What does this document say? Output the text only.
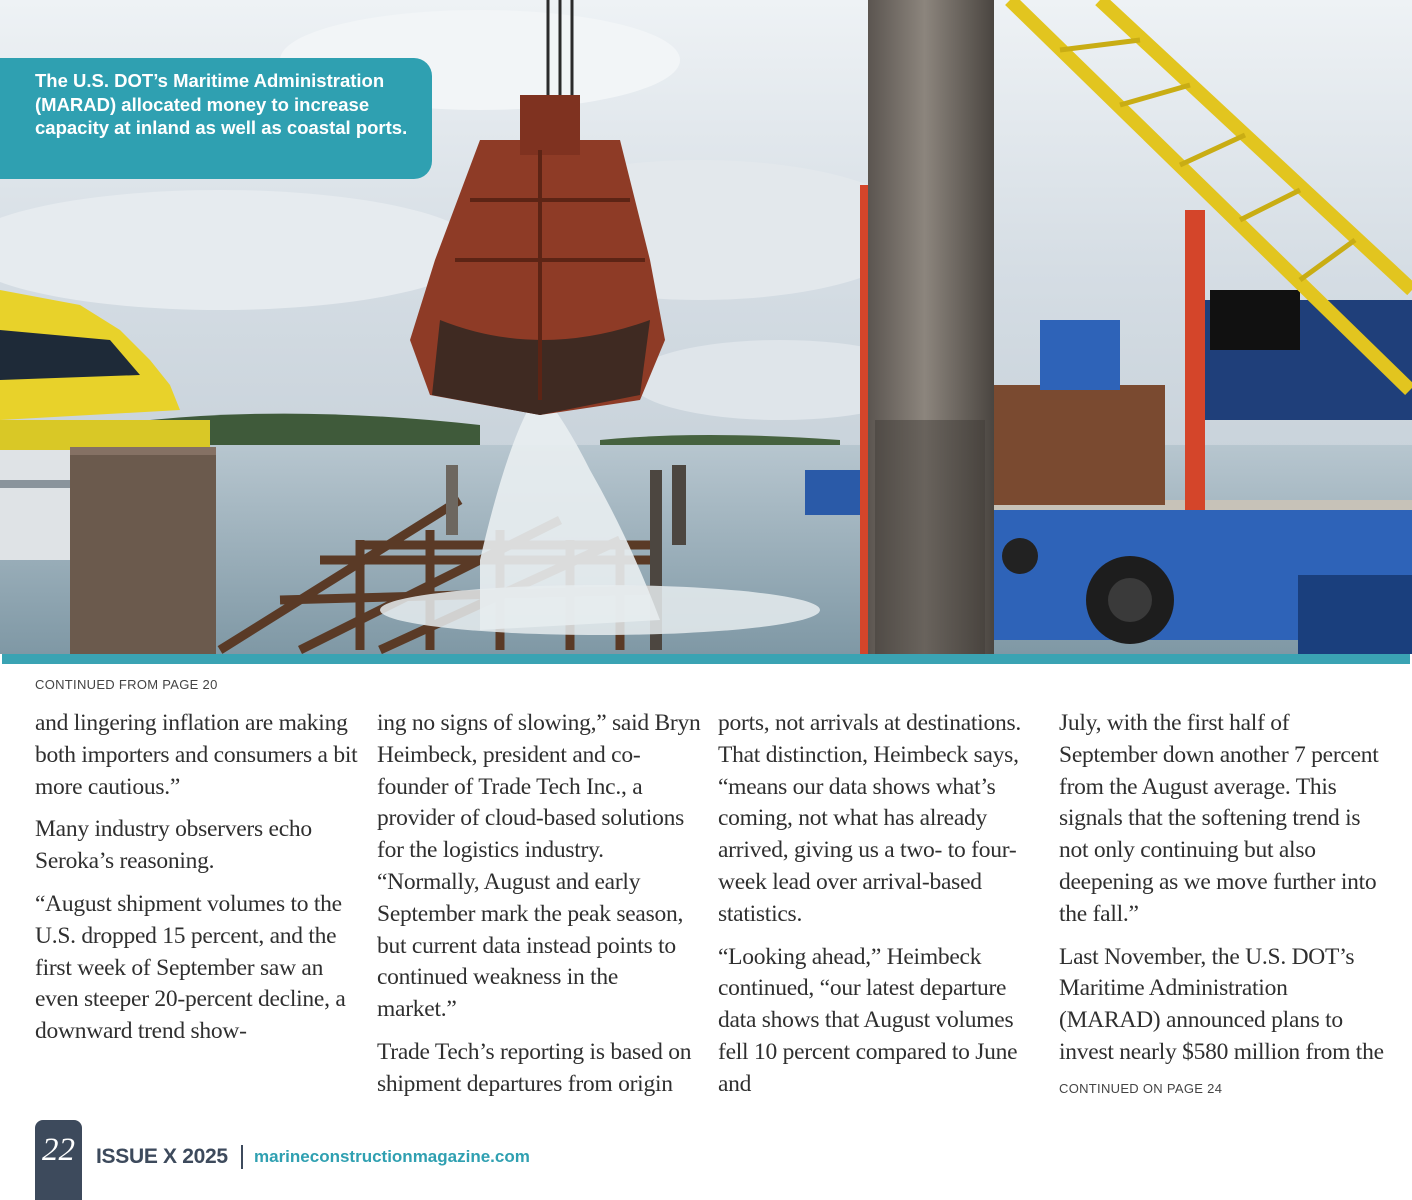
The U.S. DOT’s Maritime Administration (MARAD) allocated money to increase capacity at inland as well as coastal ports.

CONTINUED FROM PAGE 20

and lingering inflation are making both importers and consumers a bit more cautious.”

Many industry observers echo Seroka’s reasoning.

“August shipment volumes to the U.S. dropped 15 percent, and the first week of September saw an even steeper 20-percent decline, a downward trend show-

ing no signs of slowing,” said Bryn Heimbeck, president and co-founder of Trade Tech Inc., a provider of cloud-based solutions for the logistics industry. “Normally, August and early September mark the peak season, but current data instead points to continued weakness in the market.”

Trade Tech’s reporting is based on shipment departures from origin

ports, not arrivals at destinations. That distinction, Heimbeck says, “means our data shows what’s coming, not what has already arrived, giving us a two- to four-week lead over arrival-based statistics.

“Looking ahead,” Heimbeck continued, “our latest departure data shows that August volumes fell 10 percent compared to June and

July, with the first half of September down another 7 percent from the August average. This signals that the softening trend is not only continuing but also deepening as we move further into the fall.”

Last November, the U.S. DOT’s Maritime Administration (MARAD) announced plans to invest nearly $580 million from the

CONTINUED ON PAGE 24
22	ISSUE X 2025 marineconstructionmagazine.com
